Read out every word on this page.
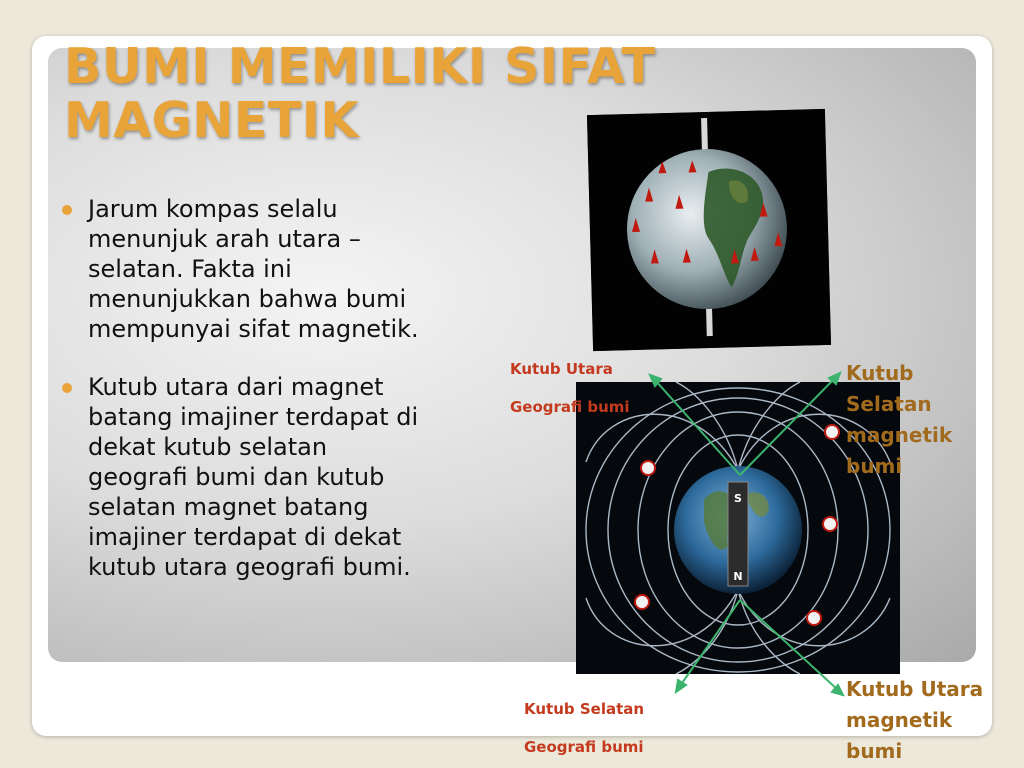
BUMI MEMILIKI SIFAT
MAGNETIK
Jarum kompas selalu
menunjuk arah utara –
selatan. Fakta ini
menunjukkan bahwa bumi
mempunyai sifat magnetik.
Kutub utara dari magnet
batang imajiner terdapat di
dekat kutub selatan
geografi bumi dan kutub
selatan magnet batang
imajiner terdapat di dekat
kutub utara geografi bumi.
S
N
Kutub Utara
Geografi bumi
Kutub
Selatan
magnetik
bumi
Kutub Selatan
Geografi bumi
Kutub Utara
magnetik
bumi
